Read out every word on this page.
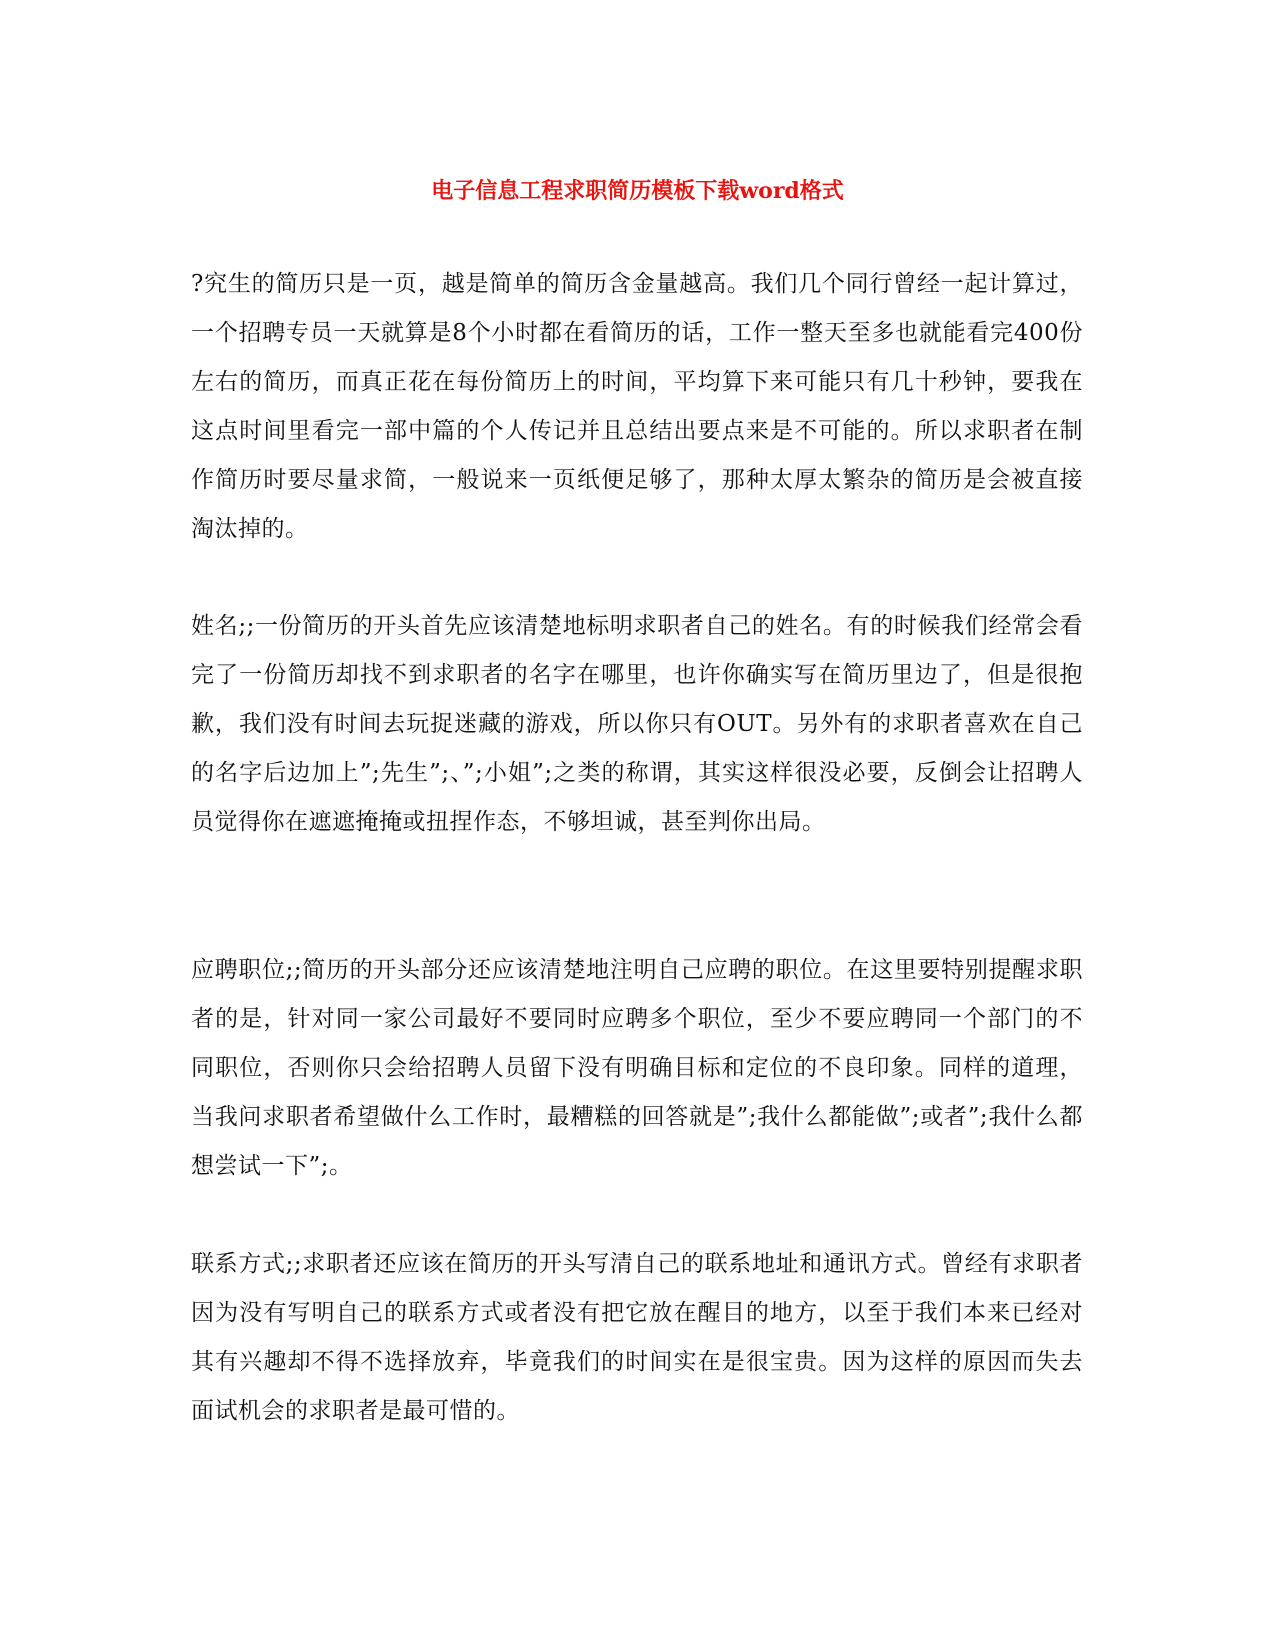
电子信息工程求职简历模板下载word格式

?究生的简历只是一页，越是简单的简历含金量越高。我们几个同行曾经一起计算过，一个招聘专员一天就算是8个小时都在看简历的话，工作一整天至多也就能看完400份左右的简历，而真正花在每份简历上的时间，平均算下来可能只有几十秒钟，要我在这点时间里看完一部中篇的个人传记并且总结出要点来是不可能的。所以求职者在制作简历时要尽量求简，一般说来一页纸便足够了，那种太厚太繁杂的简历是会被直接淘汰掉的。

姓名;;一份简历的开头首先应该清楚地标明求职者自己的姓名。有的时候我们经常会看完了一份简历却找不到求职者的名字在哪里，也许你确实写在简历里边了，但是很抱歉，我们没有时间去玩捉迷藏的游戏，所以你只有OUT。另外有的求职者喜欢在自己的名字后边加上”;先生”;、”;小姐”;之类的称谓，其实这样很没必要，反倒会让招聘人员觉得你在遮遮掩掩或扭捏作态，不够坦诚，甚至判你出局。

应聘职位;;简历的开头部分还应该清楚地注明自己应聘的职位。在这里要特别提醒求职者的是，针对同一家公司最好不要同时应聘多个职位，至少不要应聘同一个部门的不同职位，否则你只会给招聘人员留下没有明确目标和定位的不良印象。同样的道理，当我问求职者希望做什么工作时，最糟糕的回答就是”;我什么都能做”;或者”;我什么都想尝试一下”;。

联系方式;;求职者还应该在简历的开头写清自己的联系地址和通讯方式。曾经有求职者因为没有写明自己的联系方式或者没有把它放在醒目的地方，以至于我们本来已经对其有兴趣却不得不选择放弃，毕竟我们的时间实在是很宝贵。因为这样的原因而失去面试机会的求职者是最可惜的。
